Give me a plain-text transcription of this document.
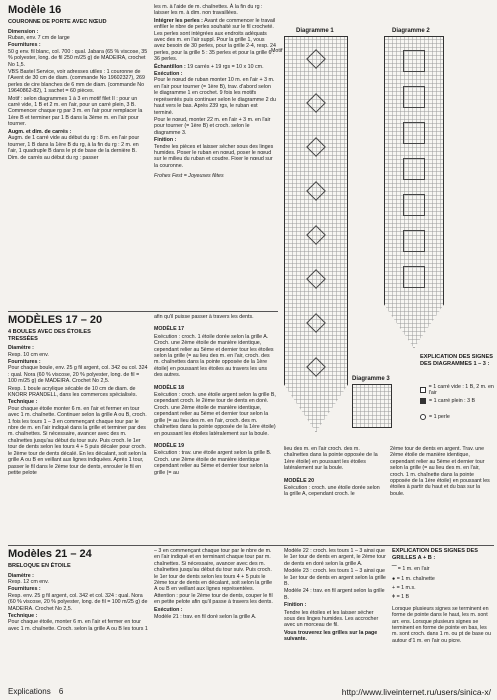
Modèle 16
COURONNE DE PORTE AVEC NŒUD

Dimension :
Ruban, env. 7 cm de large

Fournitures :
50 g env. fil blanc, col. 700 : qual. Jabara (65 % viscose, 35 % polyester, long. de fil 250 m/25 g) de MADEIRA, crochet No 1,5.

VBS Bastel Service, voir adresses utiles : 1 couronne de l'Avent de 30 cm de diam. (commande No 19602327), 269 perles de cire blanches de 6 mm de diam. (commande No 19640862-82), 1 sachet = 60 pièces.

Motif : selon diagrammes 1 à 3 en motif filet II : pour un carré vide, 1 B et 2 m. en l'air, pour un carré plein, 3 B. Commencer chaque rg par 3 m. en l'air pour remplacer la 1ère B et terminer par 1 B dans la 3ème m. en l'air pour tourner.

Augm. et dim. de carrés :
Augm. de 1 carré vide au début du rg : 8 m. en l'air pour tourner, 1 B dans la 1ère B du rg, à la fin du rg : 2 m. en l'air, 1 quadruple B dans le pt de base de la dernière B.

Dim. de carrés au début du rg : passer

les m. à l'aide de m. chaînettes. À la fin du rg : laisser les m. à dim. non travaillées.

Intégrer les perles : Avant de commencer le travail enfiler le nbre de perles souhaité sur le fil crocheté. Les perles sont intégrées aux endroits adéquats avec des m. en l'air suppl. Pour la grille 1, vous avez besoin de 30 perles, pour la grille 2-4, resp. 24 perles, pour la grille 5 : 35 perles et pour la grille 6 : 36 perles.

Échantillon : 19 carrés + 19 rgs = 10 x 10 cm.

Exécution :
Pour le nœud de ruban monter 10 m. en l'air + 3 m. en l'air pour tourner (= 1ère B), trav. d'abord selon le diagramme 1 en crochet. 9 fois les motifs représentés puis continuer selon le diagramme 2 du haut vers le bas. Après 239 rgs, le ruban est terminé.

Pour le nœud, monter 22 m. en l'air + 3 m. en l'air pour tourner (= 1ère B) et croch. selon le diagramme 3.

Finition :
Tendre les pièces et laisser sécher sous des linges humides. Poser le ruban en nœud, poser le nœud sur le milieu du ruban et coudre. Fixer le nœud sur la couronne.

Frohes Fest = Joyeuses fêtes

MODÈLES 17 – 20
4 BOULES AVEC DES ÉTOILES TRESSÉES

Diamètre :
Resp. 10 cm env.

Fournitures :
Pour chaque boule, env. 25 g fil argent, col. 342 ou col. 324 : qual. Nora (60 % viscose, 20 % polyester, long. de fil = 100 m/25 g) de MADEIRA. Crochet No 2,5.

Resp. 1 boule acrylique sécable de 10 cm de diam. de KNORR PRANDELL, dans les commerces spécialisés.

Technique :
Pour chaque étoile monter 6 m. en l'air et fermer en tour avec 1 m. chaînette. Continuer selon la grille A ou B, croch. 1 fois les tours 1 – 3 en commençant chaque tour par le nbre de m. en l'air indiqué dans la grille et terminer par des m. chaînettes. Si nécessaire, avancer avec des m. chaînettes jusqu'au début du tour suiv. Puis croch. le 1er tour de dents selon les tours 4 + 5 puis décaler pour croch. le 2ème tour de dents décalé. En les décalant, soit selon la grille A ou B en veillant aux lignes indiquées. Après 1 tour, passer le fil dans le 2ème tour de dents, enrouler le fil en petite pelote

afin qu'il puisse passer à travers les dents.

MODÈLE 17

Exécution : croch. 1 étoile dorée selon la grille A. Croch. une 2ème étoile de manière identique, cependant relier au 5ème et dernier tour les étoiles selon la grille (= au lieu des m. en l'air, croch. des m. chaînettes dans la pointe opposée de la 1ère étoile) en poussant les étoiles au travers les uns des autres.

MODÈLE 18

Exécution : croch. une étoile argent selon la grille B, cependant croch. le 2ème tour de dents en doré. Croch. une 2ème étoile de manière identique, cependant relier au 5ème et dernier tour selon la grille (= au lieu des m. en l'air, croch. des m. chaînettes dans la pointe opposée de la 1ère étoile) en poussant les étoiles latéralement sur la boule.

MODÈLE 19

Exécution : trav. une étoile argent selon la grille B. Croch. une 2ème étoile de manière identique cependant relier au 5ème et dernier tour selon la grille (= au

lieu des m. en l'air croch. des m. chaînettes dans la pointe opposée de la 1ère étoile) en poussant les étoiles latéralement sur la boule.

MODÈLE 20

Exécution : croch. une étoile dorée selon la grille A, cependant croch. le

2ème tour de dents en argent. Trav. une 2ème étoile de manière identique, cependant relier au 5ème et dernier tour selon la grille (= au lieu des m. en l'air, croch. 1 m. chaînette dans la pointe opposée de la 1ère étoile) en poussant les étoiles à partir du haut et du bas sur la boule.

Modèles 21 – 24
BRELOQUE EN ÉTOILE

Diamètre :
Resp. 12 cm env.

Fournitures :
Resp. env. 25 g fil argent, col. 342 et col. 324 : qual. Nora (60 % viscose, 20 % polyester, long. de fil = 100 m/25 g) de MADEIRA. Crochet No 2,5.

Technique :
Pour chaque étoile, monter 6 m. en l'air et fermer en tour avec 1 m. chaînette. Croch. selon la grille A ou B les tours 1

– 3 en commençant chaque tour par le nbre de m. en l'air indiqué et en terminant chaque tour par m. chaînettes. Si nécessaire, avancer avec des m. chaînettes jusqu'au début du tour suiv. Puis croch. le 1er tour de dents selon les tours 4 + 5 puis le 2ème tour de dents en décalant, soit selon la grille A ou B en veillant aux lignes représentées. Attention : pour le 2ème tour de dents, couper le fil en petite pelote afin qu'il passe à travers les dents.

Exécution :

Modèle 21 : trav. en fil doré selon la grille A.

Modèle 22 : croch. les tours 1 – 3 ainsi que le 1er tour de dents en argent, le 2ème tour de dents en doré selon la grille A.

Modèle 23 : croch. les tours 1 – 3 ainsi que le 1er tour de dents en argent selon la grille B.

Modèle 24 : trav. en fil argent selon la grille B.

Finition :

Tendre les étoiles et les laisser sécher sous des linges humides. Les accrocher avec un morceau de fil.

Vous trouverez les grilles sur la page suivante.

EXPLICATION DES SIGNES DES GRILLES A + B :

⁀ = 1 m. en l'air

● = 1 m. chaînette

+ = 1 m.s.

ǂ = 1 B

Lorsque plusieurs signes se terminent en forme de pointe dans le haut, les m. sont arr. ens. Lorsque plusieurs signes se terminent en forme de pointe en bas, les m. sont croch. dans 1 m. ou pt de base ou autour d'1 m. en l'air ou picre.

Diagramme 1	Diagramme 2
Motif
Diagramme 3

EXPLICATION DES SIGNES DES DIAGRAMMES 1 – 3 :

= 1 carré vide : 1 B, 2 m. en l'air
= 1 carré plein : 3 B
= 1 perle
Explications 6	http://www.liveinternet.ru/users/sinica-x/
